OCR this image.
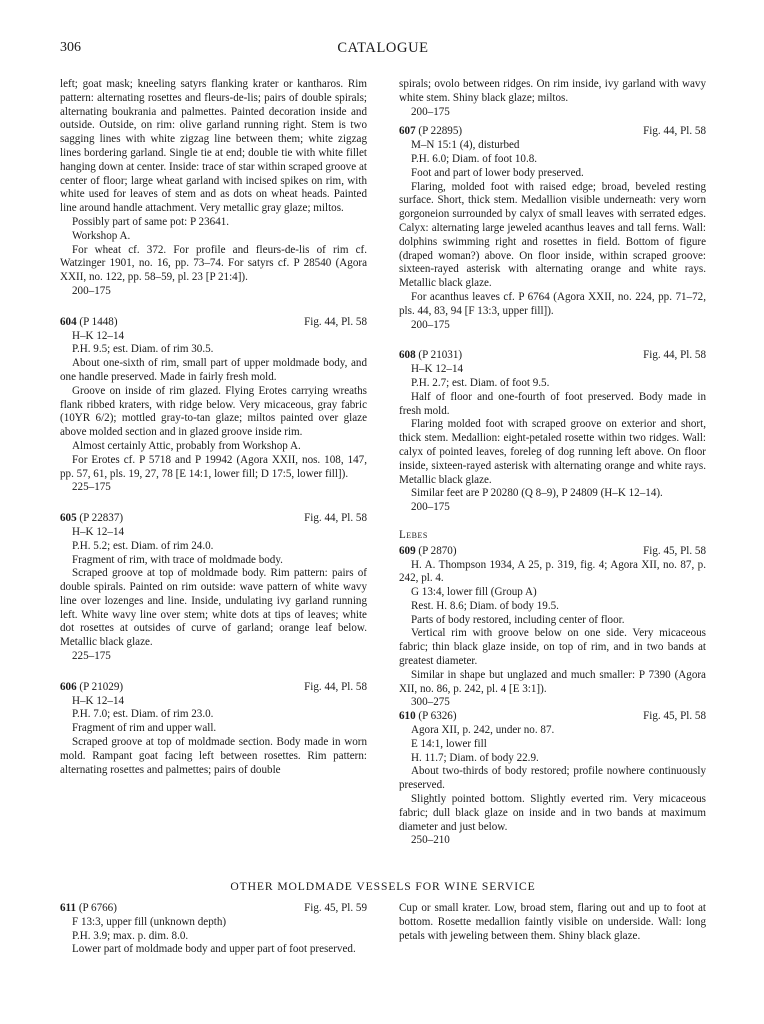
306	CATALOGUE

left; goat mask; kneeling satyrs flanking krater or kantharos. Rim pattern: alternating rosettes and fleurs-de-lis; pairs of double spirals; alternating boukrania and palmettes. Painted decoration inside and outside. Outside, on rim: olive garland running right. Stem is two sagging lines with white zigzag line between them; white zigzag lines bordering garland. Single tie at end; double tie with white fillet hanging down at center. Inside: trace of star within scraped groove at center of floor; large wheat garland with incised spikes on rim, with white used for leaves of stem and as dots on wheat heads. Painted line around handle attachment. Very metallic gray glaze; miltos.

Possibly part of same pot: P 23641.

Workshop A.

For wheat cf. 372. For profile and fleurs-de-lis of rim cf. Watzinger 1901, no. 16, pp. 73–74. For satyrs cf. P 28540 (Agora XXII, no. 122, pp. 58–59, pl. 23 [P 21:4]).

200–175

604 (P 1448)	Fig. 44, Pl. 58

H–K 12–14

P.H. 9.5; est. Diam. of rim 30.5.

About one-sixth of rim, small part of upper moldmade body, and one handle preserved. Made in fairly fresh mold.

Groove on inside of rim glazed. Flying Erotes carrying wreaths flank ribbed kraters, with ridge below. Very micaceous, gray fabric (10YR 6/2); mottled gray-to-tan glaze; miltos painted over glaze above molded section and in glazed groove inside rim.

Almost certainly Attic, probably from Workshop A.

For Erotes cf. P 5718 and P 19942 (Agora XXII, nos. 108, 147, pp. 57, 61, pls. 19, 27, 78 [E 14:1, lower fill; D 17:5, lower fill]).

225–175

605 (P 22837)	Fig. 44, Pl. 58

H–K 12–14

P.H. 5.2; est. Diam. of rim 24.0.

Fragment of rim, with trace of moldmade body.

Scraped groove at top of moldmade body. Rim pattern: pairs of double spirals. Painted on rim outside: wave pattern of white wavy line over lozenges and line. Inside, undulating ivy garland running left. White wavy line over stem; white dots at tips of leaves; white dot rosettes at outsides of curve of garland; orange leaf below. Metallic black glaze.

225–175

606 (P 21029)	Fig. 44, Pl. 58

H–K 12–14

P.H. 7.0; est. Diam. of rim 23.0.

Fragment of rim and upper wall.

Scraped groove at top of moldmade section. Body made in worn mold. Rampant goat facing left between rosettes. Rim pattern: alternating rosettes and palmettes; pairs of double

spirals; ovolo between ridges. On rim inside, ivy garland with wavy white stem. Shiny black glaze; miltos.

200–175

607 (P 22895)	Fig. 44, Pl. 58

M–N 15:1 (4), disturbed

P.H. 6.0; Diam. of foot 10.8.

Foot and part of lower body preserved.

Flaring, molded foot with raised edge; broad, beveled resting surface. Short, thick stem. Medallion visible underneath: very worn gorgoneion surrounded by calyx of small leaves with serrated edges. Calyx: alternating large jeweled acanthus leaves and tall ferns. Wall: dolphins swimming right and rosettes in field. Bottom of figure (draped woman?) above. On floor inside, within scraped groove: sixteen-rayed asterisk with alternating orange and white rays. Metallic black glaze.

For acanthus leaves cf. P 6764 (Agora XXII, no. 224, pp. 71–72, pls. 44, 83, 94 [F 13:3, upper fill]).

200–175

608 (P 21031)	Fig. 44, Pl. 58

H–K 12–14

P.H. 2.7; est. Diam. of foot 9.5.

Half of floor and one-fourth of foot preserved. Body made in fresh mold.

Flaring molded foot with scraped groove on exterior and short, thick stem. Medallion: eight-petaled rosette within two ridges. Wall: calyx of pointed leaves, foreleg of dog running left above. On floor inside, sixteen-rayed asterisk with alternating orange and white rays. Metallic black glaze.

Similar feet are P 20280 (Q 8–9), P 24809 (H–K 12–14).

200–175

Lebes

609 (P 2870)	Fig. 45, Pl. 58

H. A. Thompson 1934, A 25, p. 319, fig. 4; Agora XII, no. 87, p. 242, pl. 4.

G 13:4, lower fill (Group A)

Rest. H. 8.6; Diam. of body 19.5.

Parts of body restored, including center of floor.

Vertical rim with groove below on one side. Very micaceous fabric; thin black glaze inside, on top of rim, and in two bands at greatest diameter.

Similar in shape but unglazed and much smaller: P 7390 (Agora XII, no. 86, p. 242, pl. 4 [E 3:1]).

300–275

610 (P 6326)	Fig. 45, Pl. 58

Agora XII, p. 242, under no. 87.

E 14:1, lower fill

H. 11.7; Diam. of body 22.9.

About two-thirds of body restored; profile nowhere continuously preserved.

Slightly pointed bottom. Slightly everted rim. Very micaceous fabric; dull black glaze on inside and in two bands at maximum diameter and just below.

250–210

OTHER MOLDMADE VESSELS FOR WINE SERVICE
611 (P 6766)	Fig. 45, Pl. 59

F 13:3, upper fill (unknown depth)

P.H. 3.9; max. p. dim. 8.0.

Lower part of moldmade body and upper part of foot preserved.

Cup or small krater. Low, broad stem, flaring out and up to foot at bottom. Rosette medallion faintly visible on underside. Wall: long petals with jeweling between them. Shiny black glaze.
